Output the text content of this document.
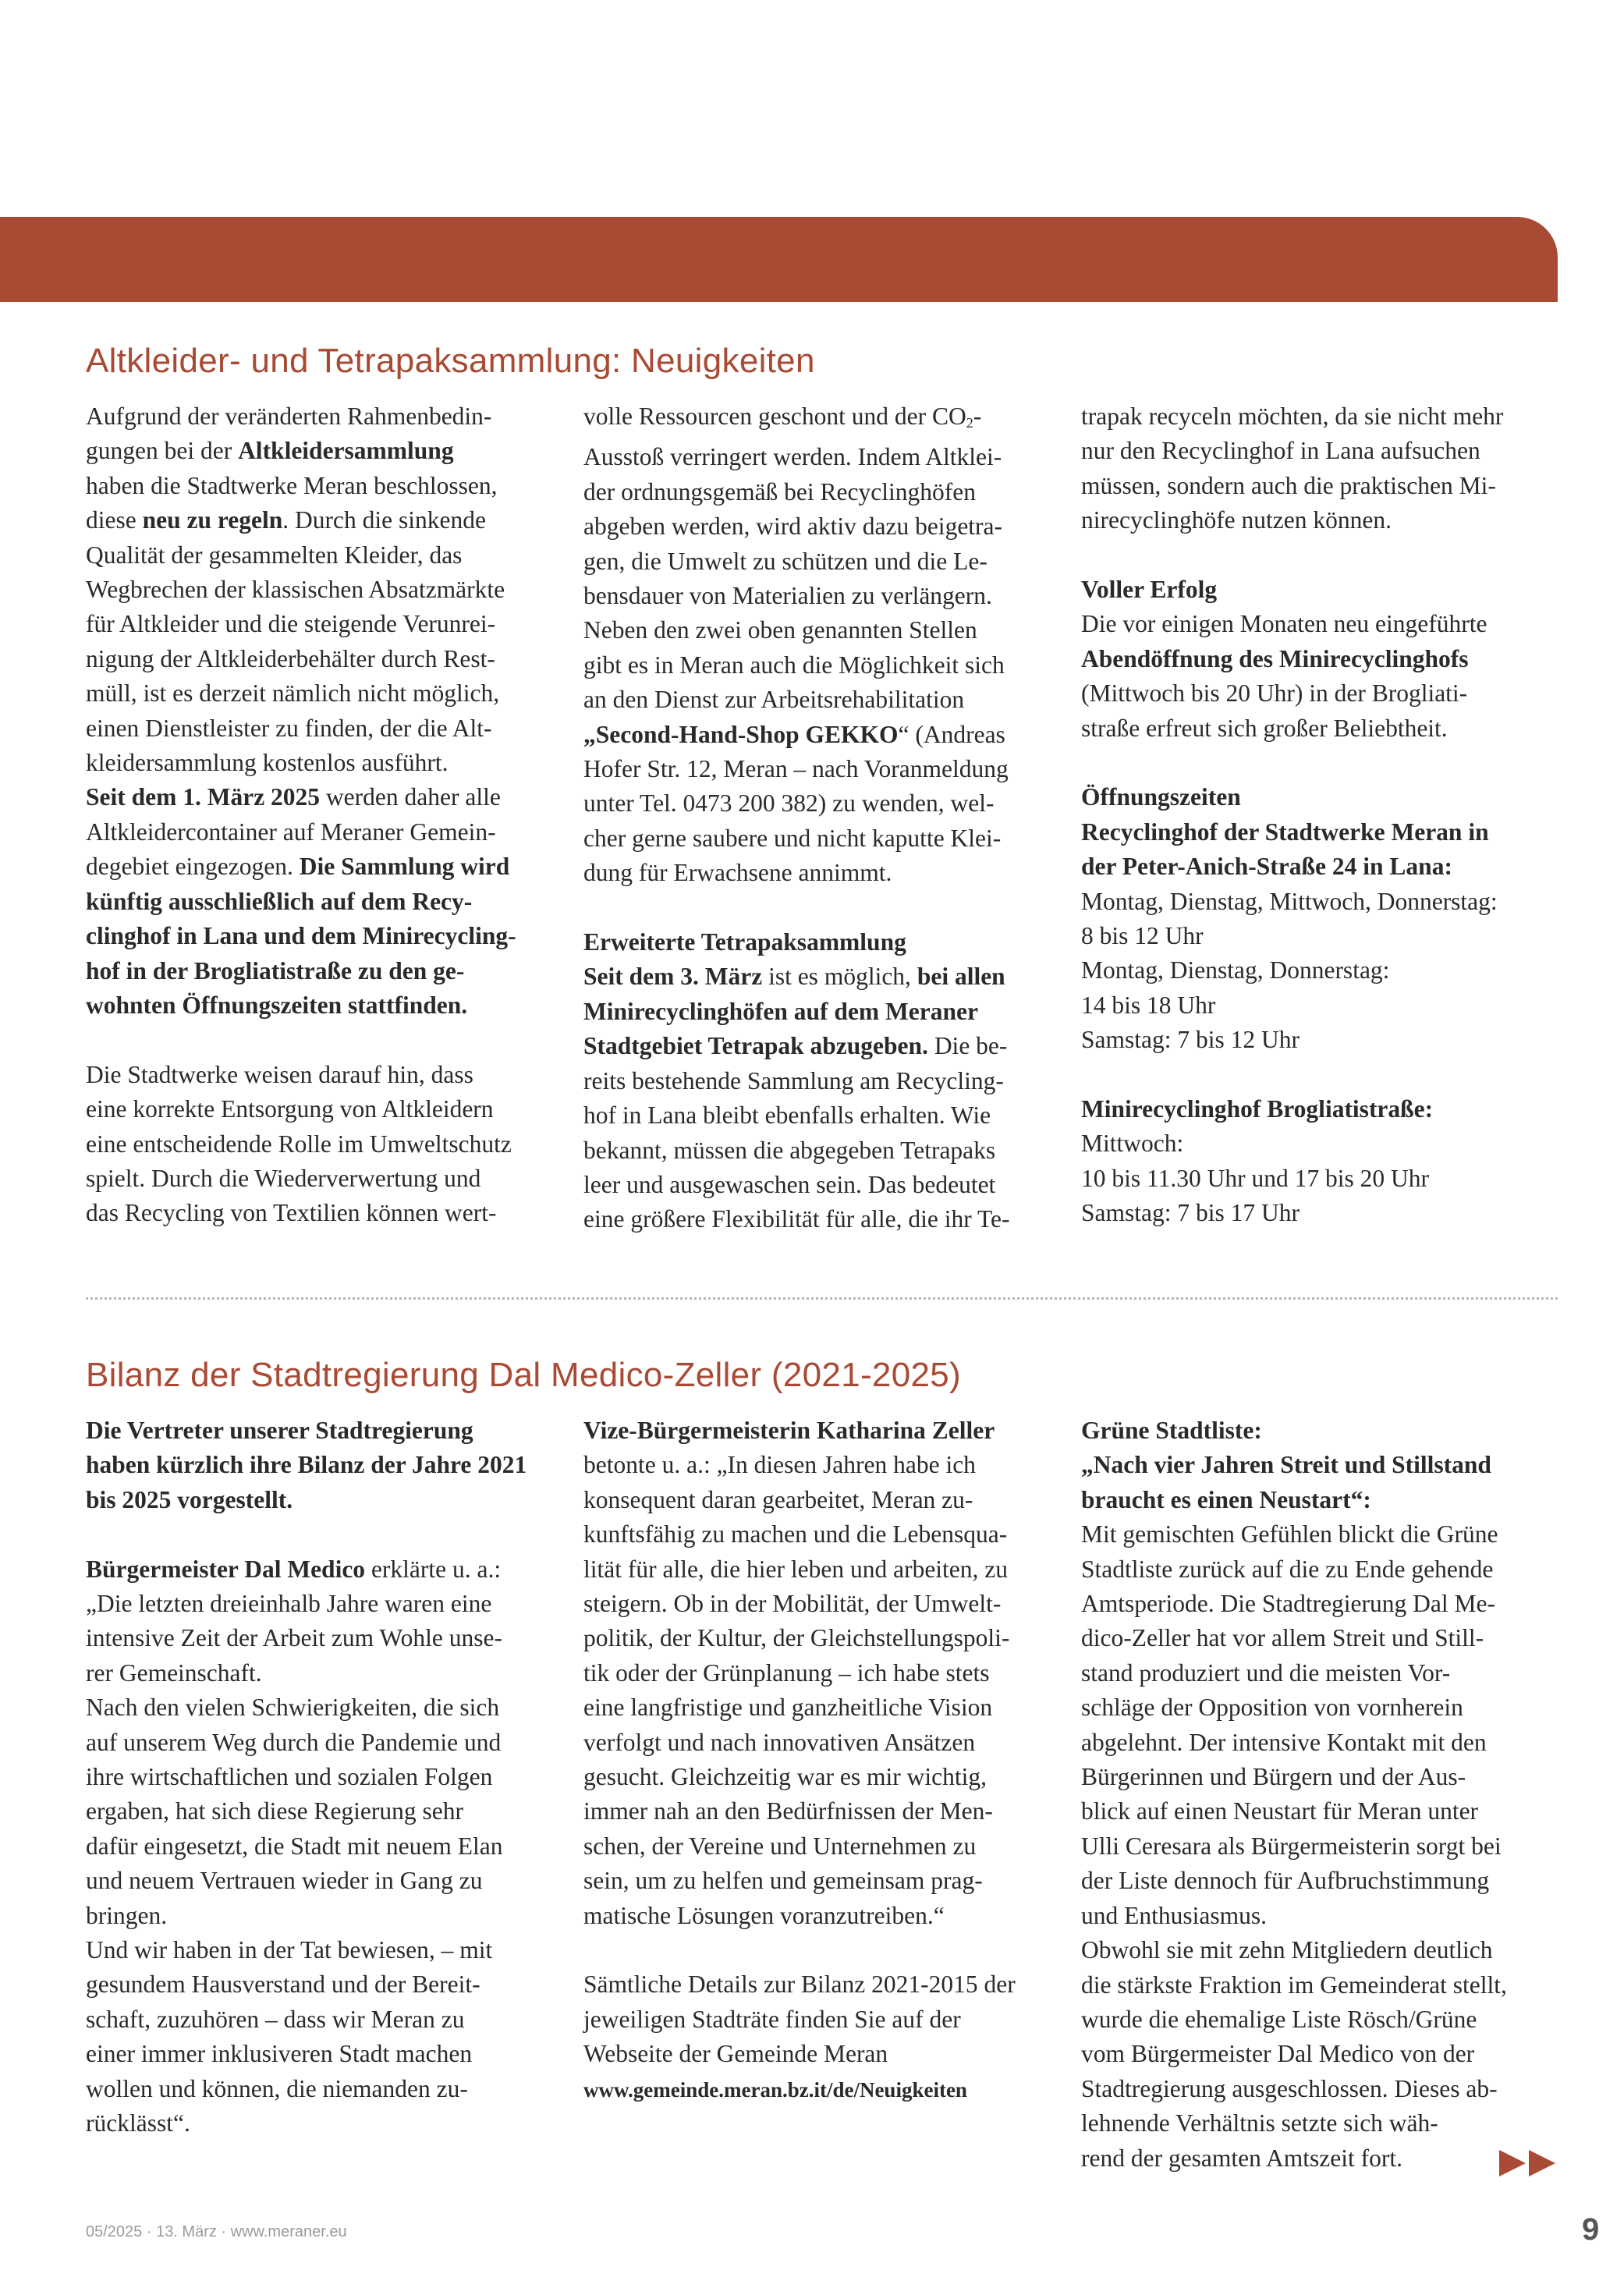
Altkleider- und Tetrapaksammlung: Neuigkeiten

Aufgrund der veränderten Rahmenbedin-

gungen bei der Altkleidersammlung

haben die Stadtwerke Meran beschlossen,

diese neu zu regeln. Durch die sinkende

Qualität der gesammelten Kleider, das

Wegbrechen der klassischen Absatzmärkte

für Altkleider und die steigende Verunrei-

nigung der Altkleiderbehälter durch Rest-

müll, ist es derzeit nämlich nicht möglich,

einen Dienstleister zu finden, der die Alt-

kleidersammlung kostenlos ausführt.

Seit dem 1. März 2025 werden daher alle

Altkleidercontainer auf Meraner Gemein-

degebiet eingezogen. Die Sammlung wird

künftig ausschließlich auf dem Recy-

clinghof in Lana und dem Minirecycling-

hof in der Brogliatistraße zu den ge-

wohnten Öffnungszeiten stattfinden.

Die Stadtwerke weisen darauf hin, dass

eine korrekte Entsorgung von Altkleidern

eine entscheidende Rolle im Umweltschutz

spielt. Durch die Wiederverwertung und

das Recycling von Textilien können wert-

volle Ressourcen geschont und der $CO_2-$

Ausstoß verringert werden. Indem Altklei-

der ordnungsgemäß bei Recyclinghöfen

abgeben werden, wird aktiv dazu beigetra-

gen, die Umwelt zu schützen und die Le-

bensdauer von Materialien zu verlängern.

Neben den zwei oben genannten Stellen

gibt es in Meran auch die Möglichkeit sich

an den Dienst zur Arbeitsrehabilitation

„Second-Hand-Shop GEKKO“ (Andreas

Hofer Str. 12, Meran – nach Voranmeldung

unter Tel. 0473 200 382) zu wenden, wel-

cher gerne saubere und nicht kaputte Klei-

dung für Erwachsene annimmt.

Erweiterte Tetrapaksammlung

Seit dem 3. März ist es möglich, bei allen

Minirecyclinghöfen auf dem Meraner

Stadtgebiet Tetrapak abzugeben. Die be-

reits bestehende Sammlung am Recycling-

hof in Lana bleibt ebenfalls erhalten. Wie

bekannt, müssen die abgegeben Tetrapaks

leer und ausgewaschen sein. Das bedeutet

eine größere Flexibilität für alle, die ihr Te-

trapak recyceln möchten, da sie nicht mehr

nur den Recyclinghof in Lana aufsuchen

müssen, sondern auch die praktischen Mi-

nirecyclinghöfe nutzen können.

Voller Erfolg

Die vor einigen Monaten neu eingeführte

Abendöffnung des Minirecyclinghofs

(Mittwoch bis 20 Uhr) in der Brogliati-

straße erfreut sich großer Beliebtheit.

Öffnungszeiten

Recyclinghof der Stadtwerke Meran in

der Peter-Anich-Straße 24 in Lana:

Montag, Dienstag, Mittwoch, Donnerstag:

8 bis 12 Uhr

Montag, Dienstag, Donnerstag:

14 bis 18 Uhr

Samstag: 7 bis 12 Uhr

Minirecyclinghof Brogliatistraße:

Mittwoch:

10 bis 11.30 Uhr und 17 bis 20 Uhr

Samstag: 7 bis 17 Uhr

Bilanz der Stadtregierung Dal Medico-Zeller (2021-2025)

Die Vertreter unserer Stadtregierung

haben kürzlich ihre Bilanz der Jahre 2021

bis 2025 vorgestellt.

Bürgermeister Dal Medico erklärte u. a.:

„Die letzten dreieinhalb Jahre waren eine

intensive Zeit der Arbeit zum Wohle unse-

rer Gemeinschaft.

Nach den vielen Schwierigkeiten, die sich

auf unserem Weg durch die Pandemie und

ihre wirtschaftlichen und sozialen Folgen

ergaben, hat sich diese Regierung sehr

dafür eingesetzt, die Stadt mit neuem Elan

und neuem Vertrauen wieder in Gang zu

bringen.

Und wir haben in der Tat bewiesen, – mit

gesundem Hausverstand und der Bereit-

schaft, zuzuhören – dass wir Meran zu

einer immer inklusiveren Stadt machen

wollen und können, die niemanden zu-

rücklässt“.

Vize-Bürgermeisterin Katharina Zeller

betonte u. a.: „In diesen Jahren habe ich

konsequent daran gearbeitet, Meran zu-

kunftsfähig zu machen und die Lebensqua-

lität für alle, die hier leben und arbeiten, zu

steigern. Ob in der Mobilität, der Umwelt-

politik, der Kultur, der Gleichstellungspoli-

tik oder der Grünplanung – ich habe stets

eine langfristige und ganzheitliche Vision

verfolgt und nach innovativen Ansätzen

gesucht. Gleichzeitig war es mir wichtig,

immer nah an den Bedürfnissen der Men-

schen, der Vereine und Unternehmen zu

sein, um zu helfen und gemeinsam prag-

matische Lösungen voranzutreiben.“

Sämtliche Details zur Bilanz 2021-2015 der

jeweiligen Stadträte finden Sie auf der

Webseite der Gemeinde Meran

www.gemeinde.meran.bz.it/de/Neuigkeiten

Grüne Stadtliste:

„Nach vier Jahren Streit und Stillstand

braucht es einen Neustart“:

Mit gemischten Gefühlen blickt die Grüne

Stadtliste zurück auf die zu Ende gehende

Amtsperiode. Die Stadtregierung Dal Me-

dico-Zeller hat vor allem Streit und Still-

stand produziert und die meisten Vor-

schläge der Opposition von vornherein

abgelehnt. Der intensive Kontakt mit den

Bürgerinnen und Bürgern und der Aus-

blick auf einen Neustart für Meran unter

Ulli Ceresara als Bürgermeisterin sorgt bei

der Liste dennoch für Aufbruchstimmung

und Enthusiasmus.

Obwohl sie mit zehn Mitgliedern deutlich

die stärkste Fraktion im Gemeinderat stellt,

wurde die ehemalige Liste Rösch/Grüne

vom Bürgermeister Dal Medico von der

Stadtregierung ausgeschlossen. Dieses ab-

lehnende Verhältnis setzte sich wäh-

rend der gesamten Amtszeit fort.

05/2025 · 13. März · www.meraner.eu	9
